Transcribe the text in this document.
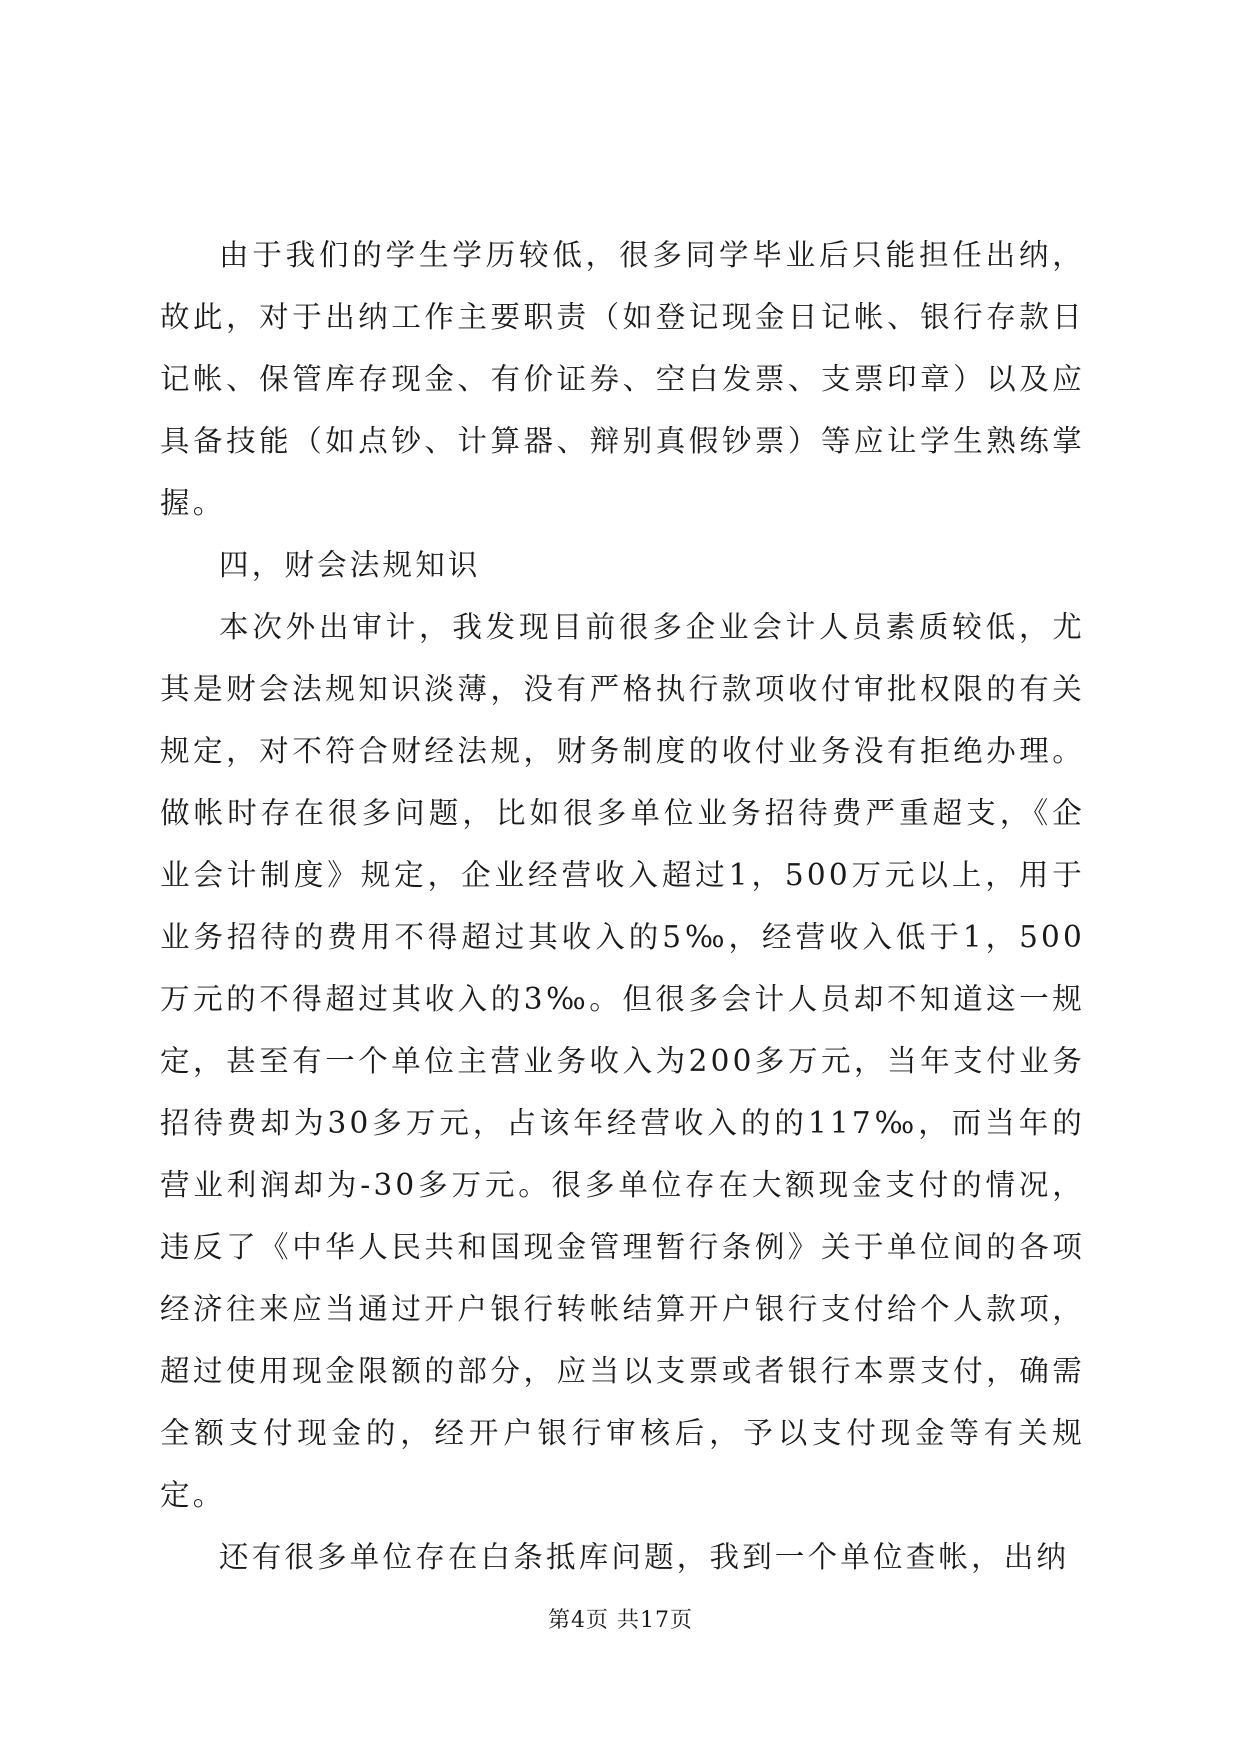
由于我们的学生学历较低，很多同学毕业后只能担任出纳，故此，对于出纳工作主要职责（如登记现金日记帐、银行存款日记帐、保管库存现金、有价证券、空白发票、支票印章）以及应具备技能（如点钞、计算器、辩别真假钞票）等应让学生熟练掌握。

四，财会法规知识

本次外出审计，我发现目前很多企业会计人员素质较低，尤其是财会法规知识淡薄，没有严格执行款项收付审批权限的有关规定，对不符合财经法规，财务制度的收付业务没有拒绝办理。做帐时存在很多问题，比如很多单位业务招待费严重超支，《企业会计制度》规定，企业经营收入超过1，500万元以上，用于业务招待的费用不得超过其收入的5‰，经营收入低于1，500万元的不得超过其收入的3‰。但很多会计人员却不知道这一规定，甚至有一个单位主营业务收入为200多万元，当年支付业务招待费却为30多万元，占该年经营收入的的117‰，而当年的营业利润却为-30多万元。很多单位存在大额现金支付的情况，违反了《中华人民共和国现金管理暂行条例》关于单位间的各项经济往来应当通过开户银行转帐结算开户银行支付给个人款项，超过使用现金限额的部分，应当以支票或者银行本票支付，确需全额支付现金的，经开户银行审核后，予以支付现金等有关规定。

还有很多单位存在白条抵库问题，我到一个单位查帐，出纳

第4页 共17页
